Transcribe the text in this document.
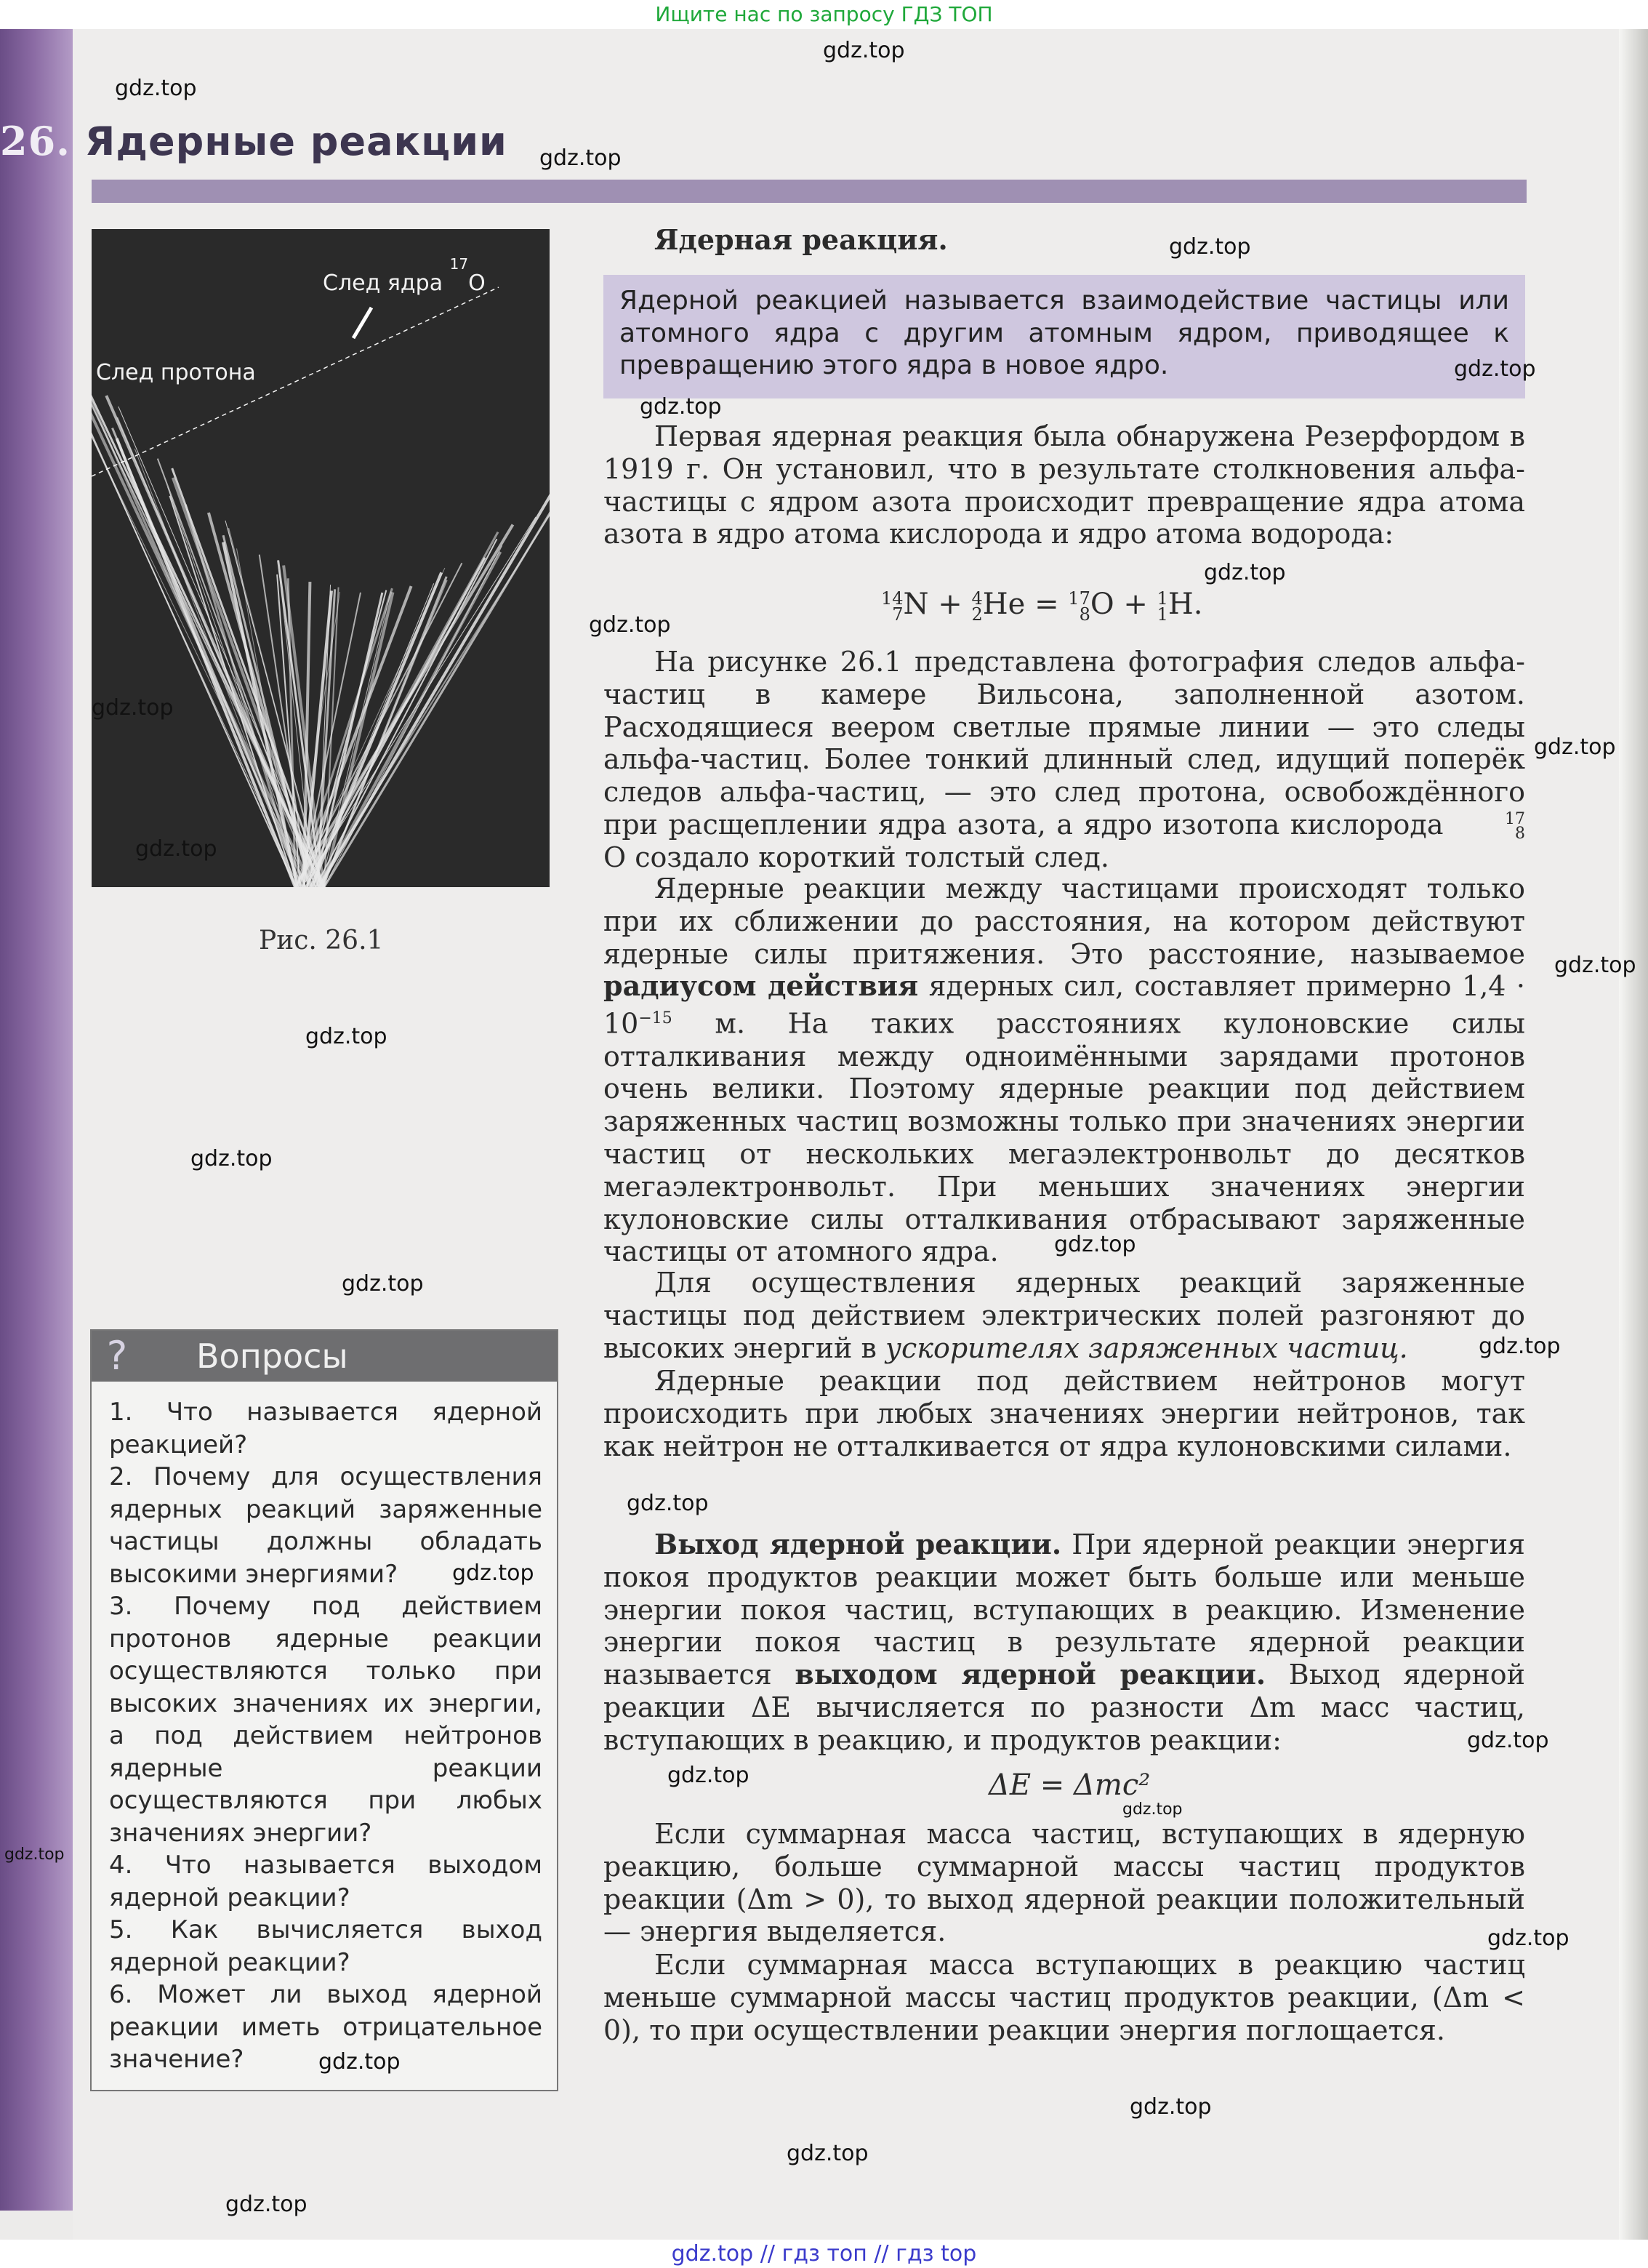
Ищите нас по запросу ГДЗ ТОП
26. Ядерные реакции
След ядра $^{17}$O
След протона
Рис. 26.1
? Вопросы
1. Что называется ядерной реакцией?
2. Почему для осуществления ядерных реакций заряженные частицы должны обладать высокими энергиями?
3. Почему под действием протонов ядерные реакции осуществляются только при высоких значениях их энергии, а под действием нейтронов ядерные реакции осуществляются при любых значениях энергии?
4. Что называется выходом ядерной реакции?
5. Как вычисляется выход ядерной реакции?
6. Может ли выход ядерной реакции иметь отрицательное значение?
Ядерная реакция.
Ядерной реакцией называется взаимодействие частицы или атомного ядра с другим атомным ядром, приводящее к превращению этого ядра в новое ядро.
Первая ядерная реакция была обнаружена Резерфордом в 1919 г. Он установил, что в результате столкновения альфа-частицы с ядром азота происходит превращение ядра атома азота в ядро атома кислорода и ядро атома водорода:
14
7N + 4
2He = 17
8O + 1
1H.
На рисунке 26.1 представлена фотография следов альфа-частиц в камере Вильсона, заполненной азотом. Расходящиеся веером светлые прямые линии — это следы альфа-частиц. Более тонкий длинный след, идущий поперёк следов альфа-частиц, — это след протона, освобождённого при расщеплении ядра азота, а ядро изотопа кислорода	17
8O создало короткий толстый след.
Ядерные реакции между частицами происходят только при их сближении до расстояния, на котором действуют ядерные силы притяжения. Это расстояние, называемое радиусом действия ядерных сил, составляет примерно $1,4 \cdot 10^{-15}$ м. На таких расстояниях кулоновские силы отталкивания между одноимёнными зарядами протонов очень велики. Поэтому ядерные реакции под действием заряженных частиц возможны только при значениях энергии частиц от нескольких мегаэлектронвольт до десятков мегаэлектронвольт. При меньших значениях энергии кулоновские силы отталкивания отбрасывают заряженные частицы от атомного ядра.
Для осуществления ядерных реакций заряженные частицы под действием электрических полей разгоняют до высоких энергий в ускорителях заряженных частиц.
Ядерные реакции под действием нейтронов могут происходить при любых значениях энергии нейтронов, так как нейтрон не отталкивается от ядра кулоновскими силами.
Выход ядерной реакции. При ядерной реакции энергия покоя продуктов реакции может быть больше или меньше энергии покоя частиц, вступающих в реакцию. Изменение энергии покоя частиц в результате ядерной реакции называется выходом ядерной реакции. Выход ядерной реакции ΔE вычисляется по разности Δm масс частиц, вступающих в реакцию, и продуктов реакции:
ΔE = Δmc²
Если суммарная масса частиц, вступающих в ядерную реакцию, больше суммарной массы частиц продуктов реакции (Δm > 0), то выход ядерной реакции положительный — энергия выделяется.
Если суммарная масса вступающих в реакцию частиц меньше суммарной массы частиц продуктов реакции, (Δm < 0), то при осуществлении реакции энергия поглощается.
gdz.top
gdz.top
gdz.top
gdz.top
gdz.top
gdz.top
gdz.top
gdz.top
gdz.top
gdz.top
gdz.top
gdz.top
gdz.top
gdz.top
gdz.top
gdz.top
gdz.top
gdz.top
gdz.top
gdz.top
gdz.top
gdz.top
gdz.top
gdz.top
gdz.top
gdz.top
gdz.top
gdz.top
gdz.top // гдз топ // гдз top
